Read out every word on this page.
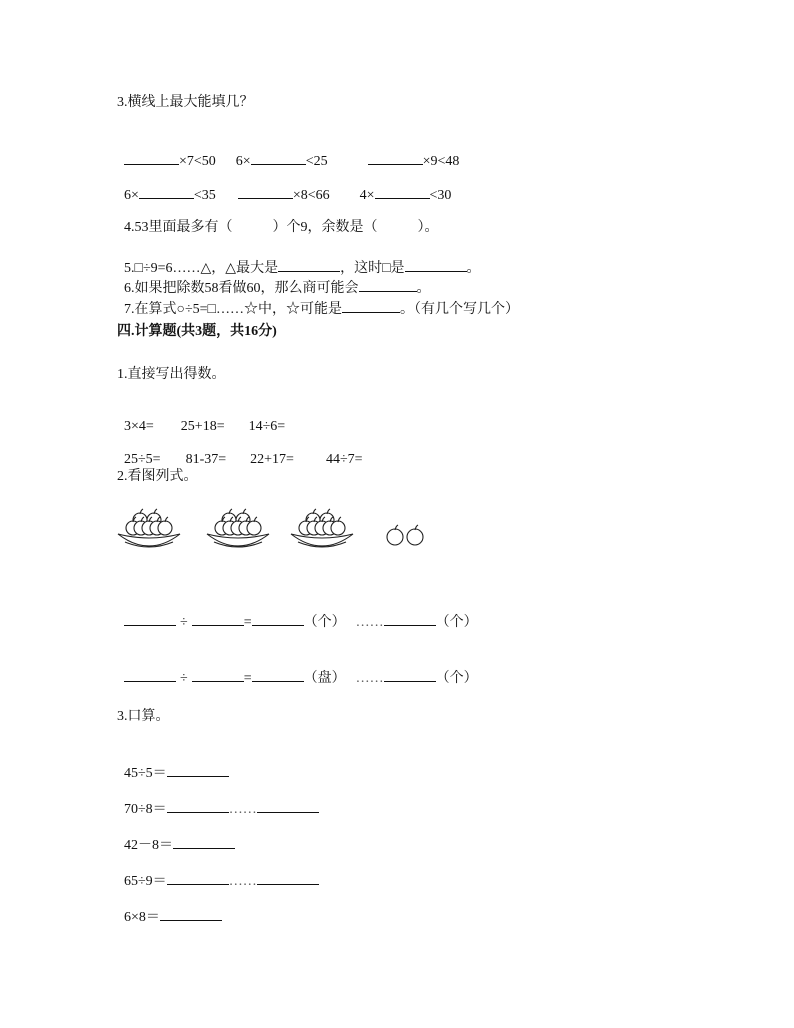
3.横线上最大能填几？

×7<50 6×	<25	×9<48

6×	<35	×8<66 4×	<30

4.53里面最多有（	）个9，余数是（	）。

5.□÷9=6……△，△最大是	，这时□是	。

6.如果把除数58看做60，那么商可能会	。

7.在算式○÷5=□……☆中，☆可能是	。（有几个写几个）

四.计算题(共3题，共16分)
1.直接写出得数。

3×4= 25+18= 14÷6=

25÷5= 81-37= 22+17= 44÷7=

2.看图列式。

÷	=	（个） ……	（个）

÷	=	（盘） ……	（个）

3.口算。

45÷5＝

70÷8＝	……

42－8＝

65÷9＝	……

6×8＝
